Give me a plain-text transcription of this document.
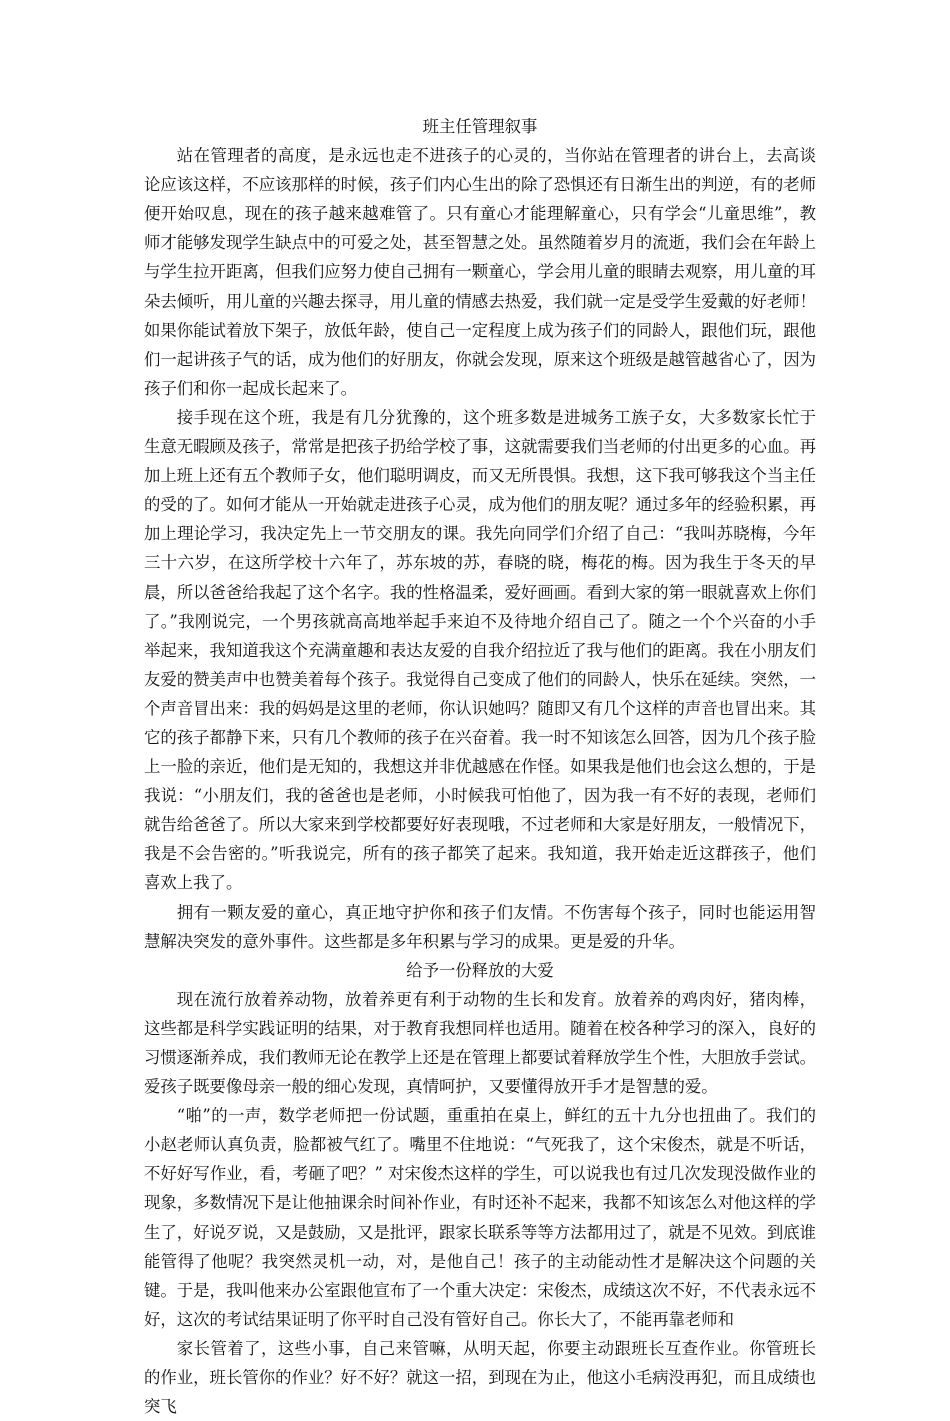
班主任管理叙事

站在管理者的高度，是永远也走不进孩子的心灵的，当你站在管理者的讲台上，去高谈论应该这样，不应该那样的时候，孩子们内心生出的除了恐惧还有日渐生出的判逆，有的老师便开始叹息，现在的孩子越来越难管了。只有童心才能理解童心，只有学会“儿童思维”，教师才能够发现学生缺点中的可爱之处，甚至智慧之处。虽然随着岁月的流逝，我们会在年龄上与学生拉开距离，但我们应努力使自己拥有一颗童心，学会用儿童的眼睛去观察，用儿童的耳朵去倾听，用儿童的兴趣去探寻，用儿童的情感去热爱，我们就一定是受学生爱戴的好老师！如果你能试着放下架子，放低年龄，使自己一定程度上成为孩子们的同龄人，跟他们玩，跟他们一起讲孩子气的话，成为他们的好朋友，你就会发现，原来这个班级是越管越省心了，因为孩子们和你一起成长起来了。

接手现在这个班，我是有几分犹豫的，这个班多数是进城务工族子女，大多数家长忙于生意无暇顾及孩子，常常是把孩子扔给学校了事，这就需要我们当老师的付出更多的心血。再加上班上还有五个教师子女，他们聪明调皮，而又无所畏惧。我想，这下我可够我这个当主任的受的了。如何才能从一开始就走进孩子心灵，成为他们的朋友呢？通过多年的经验积累，再加上理论学习，我决定先上一节交朋友的课。我先向同学们介绍了自己：“我叫苏晓梅，今年三十六岁，在这所学校十六年了，苏东坡的苏，春晓的晓，梅花的梅。因为我生于冬天的早晨，所以爸爸给我起了这个名字。我的性格温柔，爱好画画。看到大家的第一眼就喜欢上你们了。”我刚说完，一个男孩就高高地举起手来迫不及待地介绍自己了。随之一个个兴奋的小手举起来，我知道我这个充满童趣和表达友爱的自我介绍拉近了我与他们的距离。我在小朋友们友爱的赞美声中也赞美着每个孩子。我觉得自己变成了他们的同龄人，快乐在延续。突然，一个声音冒出来：我的妈妈是这里的老师，你认识她吗？随即又有几个这样的声音也冒出来。其它的孩子都静下来，只有几个教师的孩子在兴奋着。我一时不知该怎么回答，因为几个孩子脸上一脸的亲近，他们是无知的，我想这并非优越感在作怪。如果我是他们也会这么想的，于是我说：“小朋友们，我的爸爸也是老师，小时候我可怕他了，因为我一有不好的表现，老师们就告给爸爸了。所以大家来到学校都要好好表现哦，不过老师和大家是好朋友，一般情况下，我是不会告密的。”听我说完，所有的孩子都笑了起来。我知道，我开始走近这群孩子，他们喜欢上我了。

拥有一颗友爱的童心，真正地守护你和孩子们友情。不伤害每个孩子，同时也能运用智慧解决突发的意外事件。这些都是多年积累与学习的成果。更是爱的升华。

给予一份释放的大爱

现在流行放着养动物，放着养更有利于动物的生长和发育。放着养的鸡肉好，猪肉棒，这些都是科学实践证明的结果，对于教育我想同样也适用。随着在校各种学习的深入，良好的习惯逐渐养成，我们教师无论在教学上还是在管理上都要试着释放学生个性，大胆放手尝试。爱孩子既要像母亲一般的细心发现，真情呵护，又要懂得放开手才是智慧的爱。

“啪”的一声，数学老师把一份试题，重重拍在桌上，鲜红的五十九分也扭曲了。我们的小赵老师认真负责，脸都被气红了。嘴里不住地说：“气死我了，这个宋俊杰，就是不听话，不好好写作业，看，考砸了吧？” 对宋俊杰这样的学生，可以说我也有过几次发现没做作业的现象，多数情况下是让他抽课余时间补作业，有时还补不起来，我都不知该怎么对他这样的学生了，好说歹说，又是鼓励，又是批评，跟家长联系等等方法都用过了，就是不见效。到底谁能管得了他呢？我突然灵机一动，对，是他自己！孩子的主动能动性才是解决这个问题的关键。于是，我叫他来办公室跟他宣布了一个重大决定：宋俊杰，成绩这次不好，不代表永远不好，这次的考试结果证明了你平时自己没有管好自己。你长大了，不能再靠老师和

家长管着了，这些小事，自己来管嘛，从明天起，你要主动跟班长互查作业。你管班长的作业，班长管你的作业？好不好？就这一招，到现在为止，他这小毛病没再犯，而且成绩也突飞
